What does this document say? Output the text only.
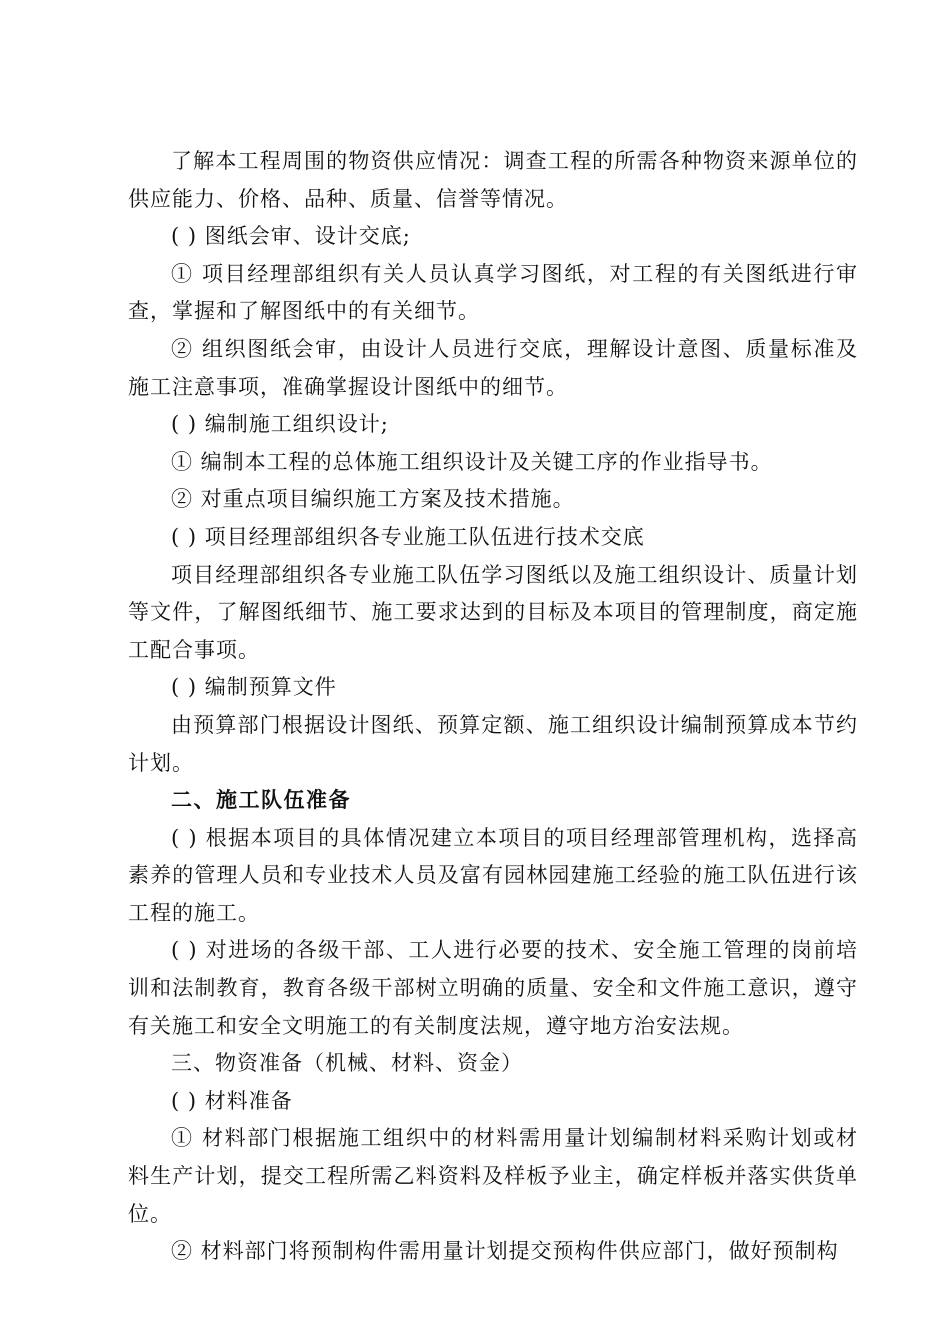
了解本工程周围的物资供应情况：调查工程的所需各种物资来源单位的供应能力、价格、品种、质量、信誉等情况。

( ) 图纸会审、设计交底;

① 项目经理部组织有关人员认真学习图纸，对工程的有关图纸进行审查，掌握和了解图纸中的有关细节。

② 组织图纸会审，由设计人员进行交底，理解设计意图、质量标准及施工注意事项，准确掌握设计图纸中的细节。

( ) 编制施工组织设计;

① 编制本工程的总体施工组织设计及关键工序的作业指导书。

② 对重点项目编织施工方案及技术措施。

( ) 项目经理部组织各专业施工队伍进行技术交底

项目经理部组织各专业施工队伍学习图纸以及施工组织设计、质量计划等文件，了解图纸细节、施工要求达到的目标及本项目的管理制度，商定施工配合事项。

( ) 编制预算文件

由预算部门根据设计图纸、预算定额、施工组织设计编制预算成本节约计划。

二、施工队伍准备

( ) 根据本项目的具体情况建立本项目的项目经理部管理机构，选择高素养的管理人员和专业技术人员及富有园林园建施工经验的施工队伍进行该工程的施工。

( ) 对进场的各级干部、工人进行必要的技术、安全施工管理的岗前培训和法制教育，教育各级干部树立明确的质量、安全和文件施工意识，遵守有关施工和安全文明施工的有关制度法规，遵守地方治安法规。

三、物资准备（机械、材料、资金）

( ) 材料准备

① 材料部门根据施工组织中的材料需用量计划编制材料采购计划或材料生产计划，提交工程所需乙料资料及样板予业主，确定样板并落实供货单位。

② 材料部门将预制构件需用量计划提交预构件供应部门，做好预制构
